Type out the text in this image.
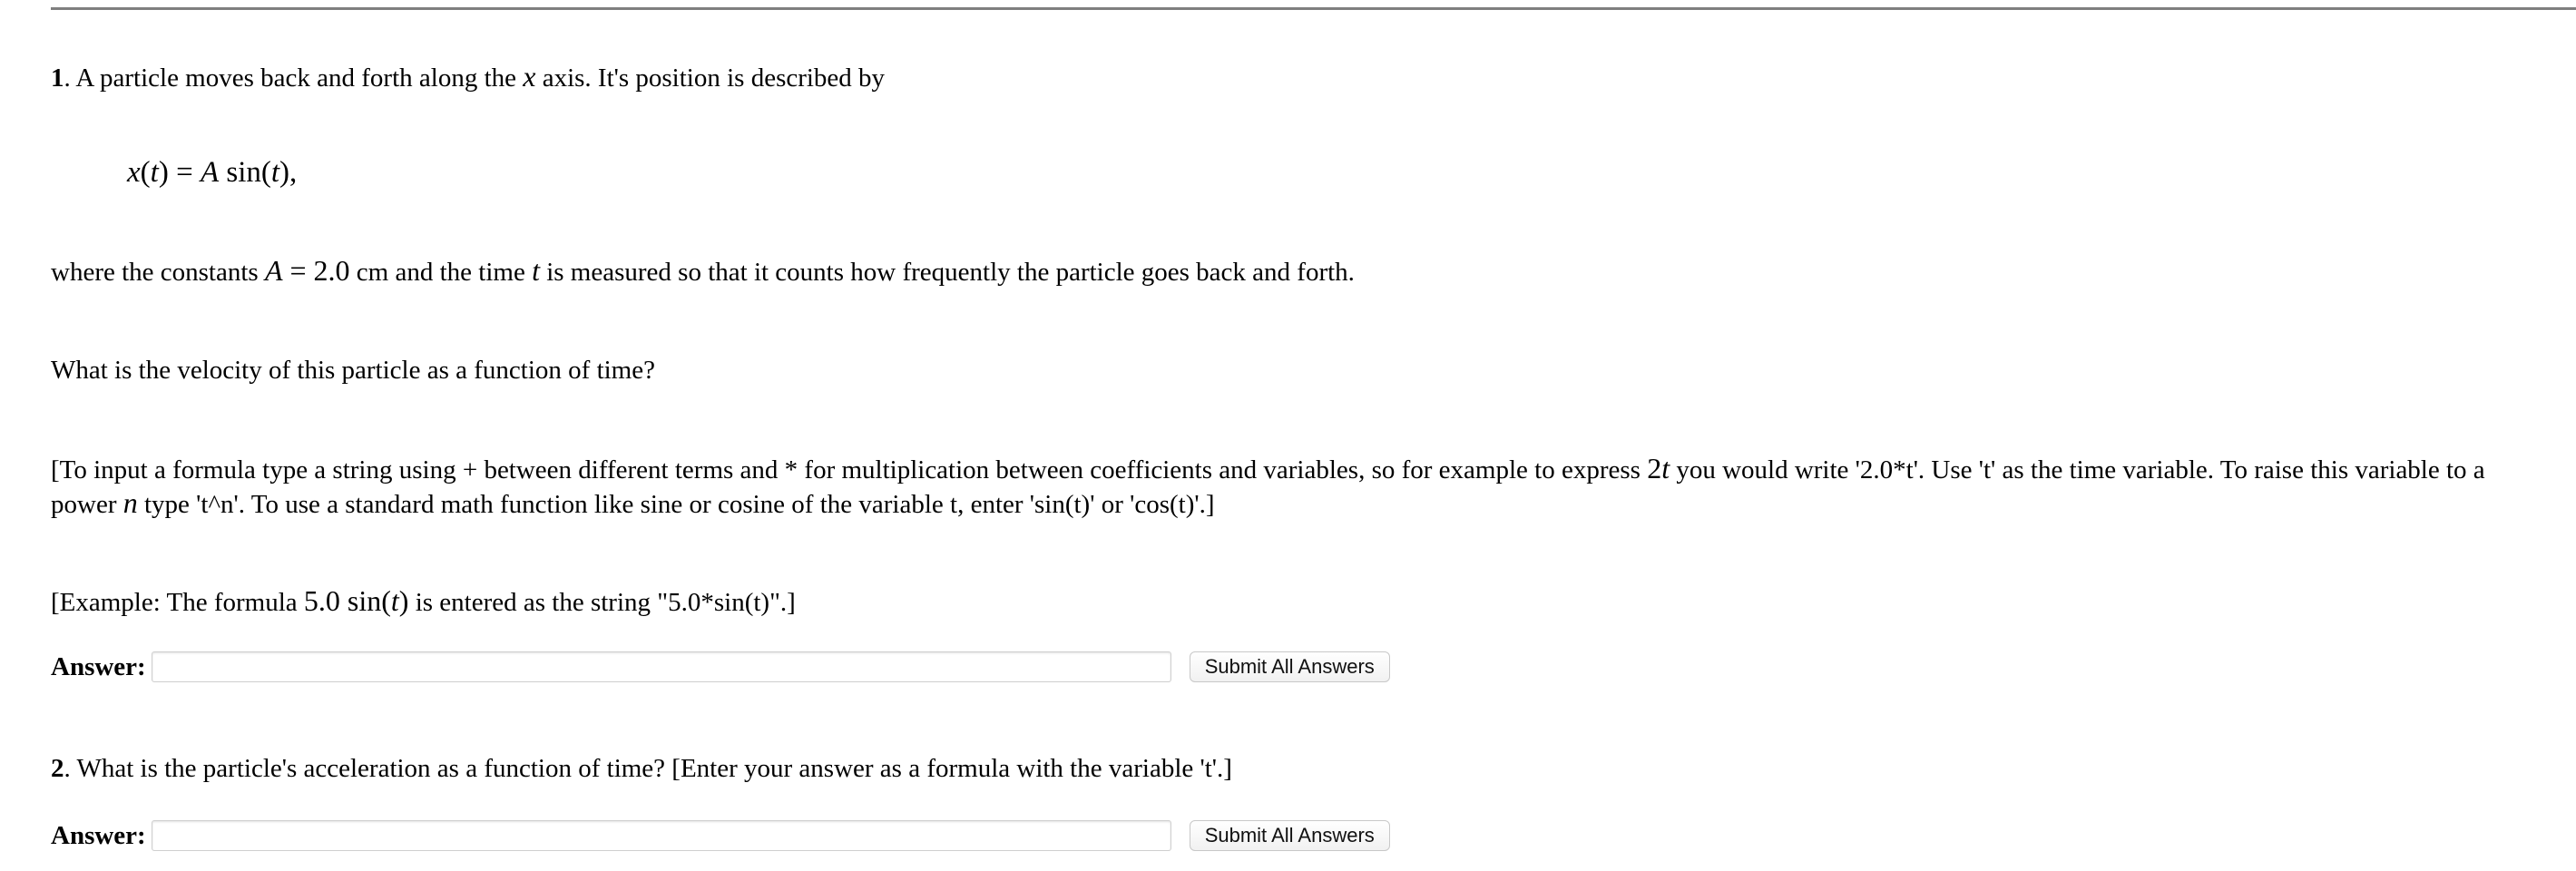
1. A particle moves back and forth along the x axis. It's position is described by
x(t) = A sin(t),
where the constants A = 2.0 cm and the time t is measured so that it counts how frequently the particle goes back and forth.
What is the velocity of this particle as a function of time?
[To input a formula type a string using + between different terms and * for multiplication between coefficients and variables, so for example to express 2t you would write '2.0*t'. Use 't' as the time variable. To raise this variable to a power n type 't^n'. To use a standard math function like sine or cosine of the variable t, enter 'sin(t)' or 'cos(t)'.]
[Example: The formula 5.0 sin(t) is entered as the string "5.0*sin(t)".]
Answer:	Submit All Answers
2. What is the particle's acceleration as a function of time? [Enter your answer as a formula with the variable 't'.]
Answer:	Submit All Answers
